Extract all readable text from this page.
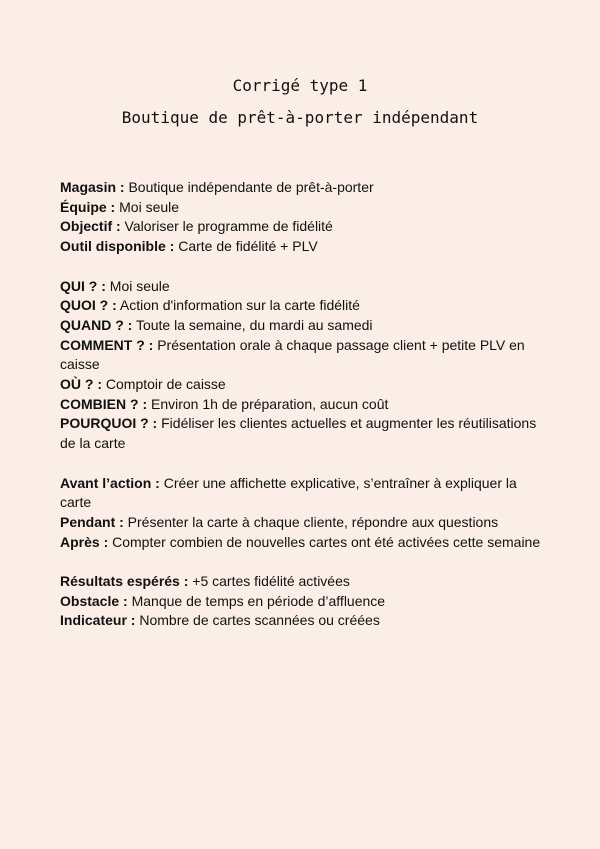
Corrigé type 1
Boutique de prêt-à-porter indépendant

Magasin : Boutique indépendante de prêt-à-porter

Équipe : Moi seule

Objectif : Valoriser le programme de fidélité

Outil disponible : Carte de fidélité + PLV

QUI ? : Moi seule

QUOI ? : Action d'information sur la carte fidélité

QUAND ? : Toute la semaine, du mardi au samedi

COMMENT ? : Présentation orale à chaque passage client + petite PLV en caisse

OÙ ? : Comptoir de caisse

COMBIEN ? : Environ 1h de préparation, aucun coût

POURQUOI ? : Fidéliser les clientes actuelles et augmenter les réutilisations de la carte

Avant l’action : Créer une affichette explicative, s’entraîner à expliquer la carte

Pendant : Présenter la carte à chaque cliente, répondre aux questions

Après : Compter combien de nouvelles cartes ont été activées cette semaine

Résultats espérés : +5 cartes fidélité activées

Obstacle : Manque de temps en période d’affluence

Indicateur : Nombre de cartes scannées ou créées
